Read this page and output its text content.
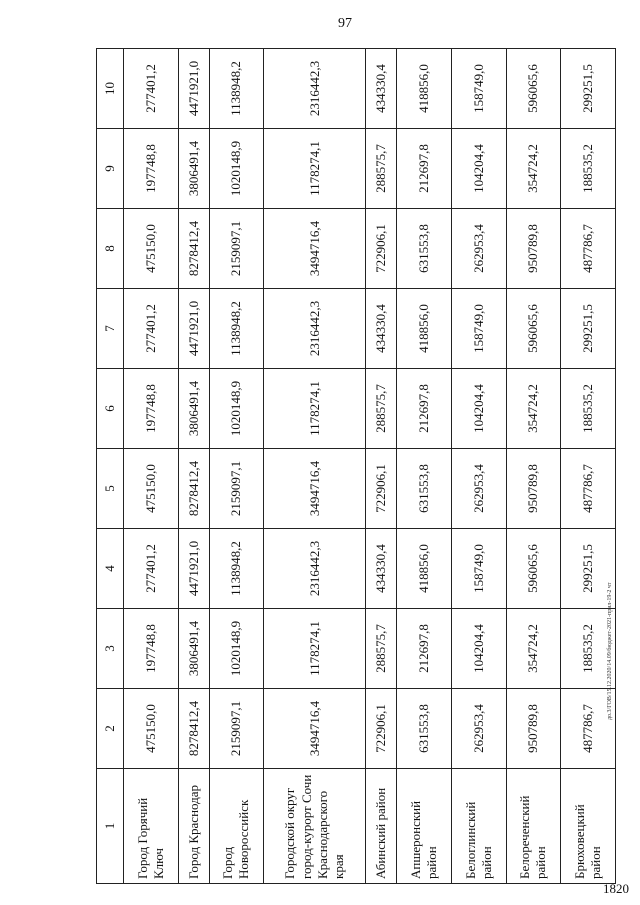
97
1	2	3	4	5	6	7	8	9	10
Город Горячий Ключ	475150,0	197748,8	277401,2	475150,0	197748,8	277401,2	475150,0	197748,8	277401,2
Город Краснодар	8278412,4	3806491,4	4471921,0	8278412,4	3806491,4	4471921,0	8278412,4	3806491,4	4471921,0
Город Новороссийск	2159097,1	1020148,9	1138948,2	2159097,1	1020148,9	1138948,2	2159097,1	1020148,9	1138948,2
Городской округ город-курорт Сочи Краснодарского края	3494716,4	1178274,1	2316442,3	3494716,4	1178274,1	2316442,3	3494716,4	1178274,1	2316442,3
Абинский район	722906,1	288575,7	434330,4	722906,1	288575,7	434330,4	722906,1	288575,7	434330,4
Апшеронский район	631553,8	212697,8	418856,0	631553,8	212697,8	418856,0	631553,8	212697,8	418856,0
Белоглинский район	262953,4	104204,4	158749,0	262953,4	104204,4	158749,0	262953,4	104204,4	158749,0
Белореченский район	950789,8	354724,2	596065,6	950789,8	354724,2	596065,6	950789,8	354724,2	596065,6
Брюховецкий район	487786,7	188535,2	299251,5	487786,7	188535,2	299251,5	487786,7	188535,2	299251,5
до.3/ГОВ/15.12.2020/14.09/бюджет-2021-прил-19-2 чт
1820
